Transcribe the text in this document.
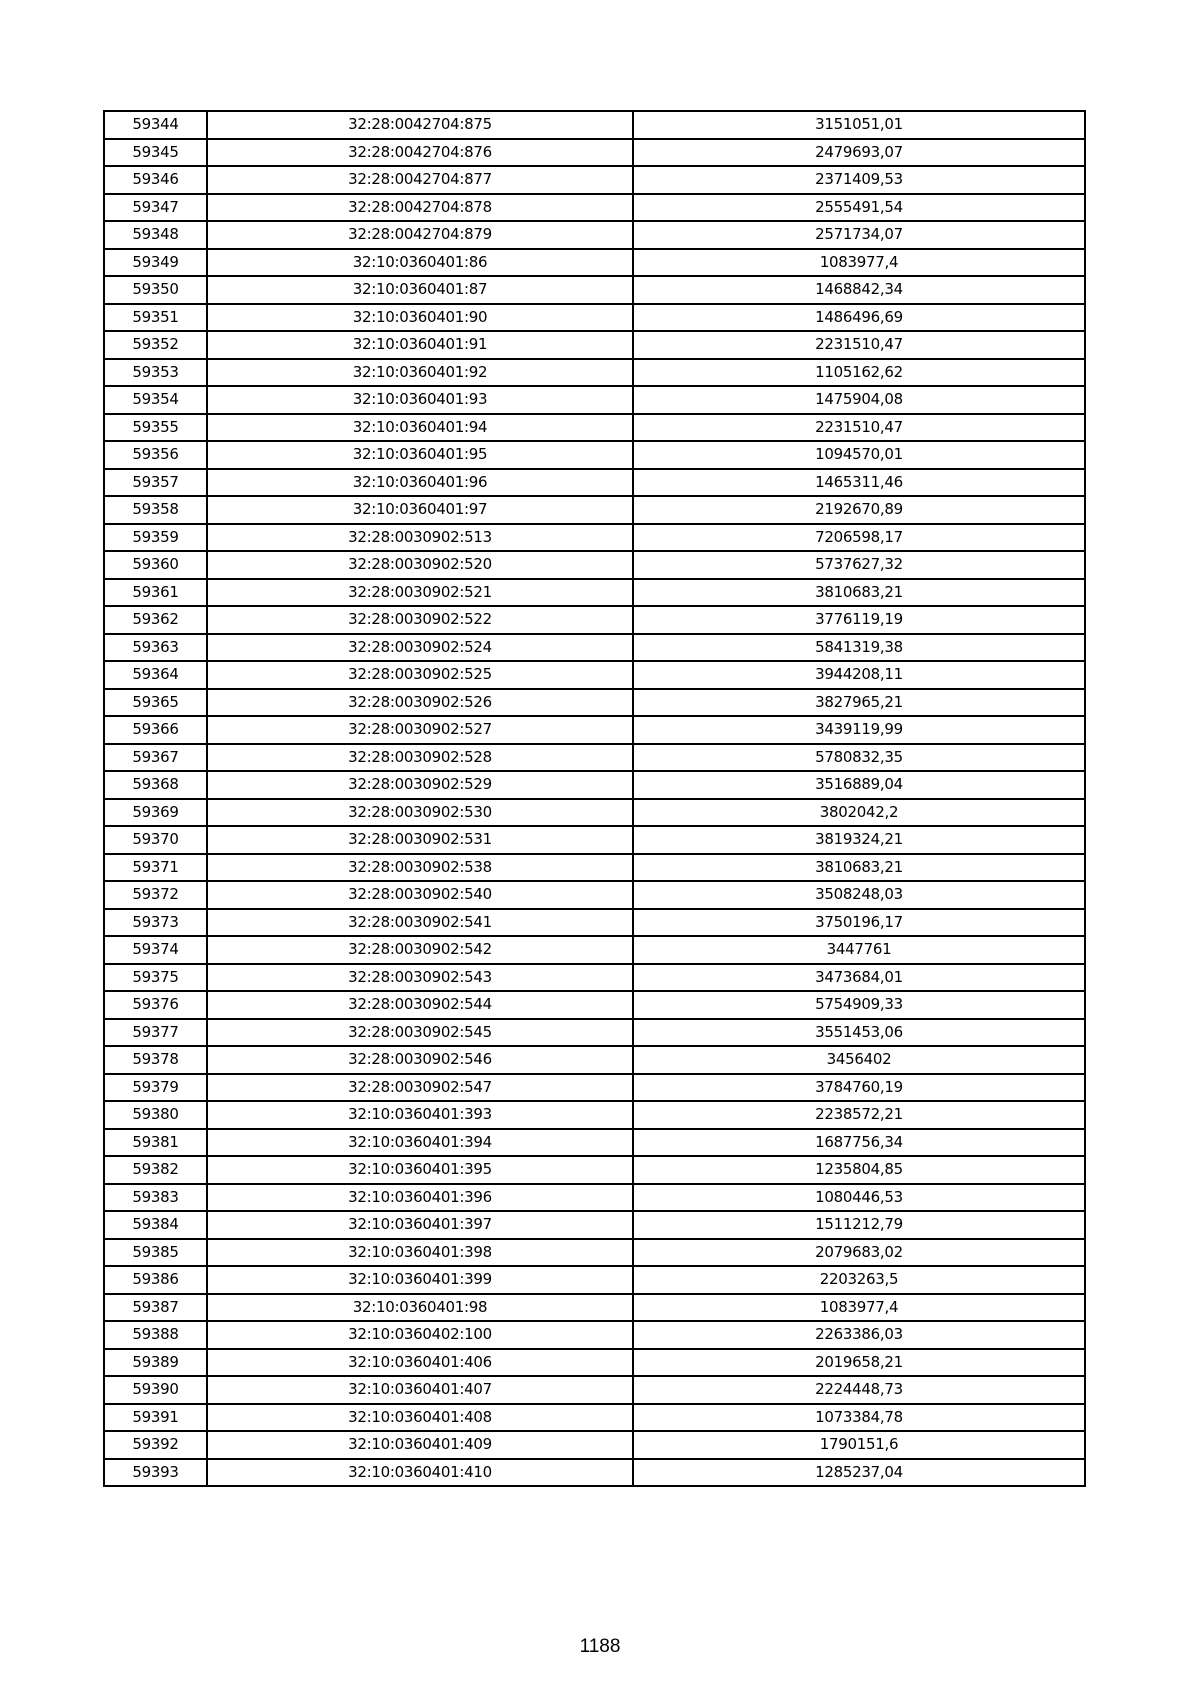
59344	32:28:0042704:875	3151051,01
59345	32:28:0042704:876	2479693,07
59346	32:28:0042704:877	2371409,53
59347	32:28:0042704:878	2555491,54
59348	32:28:0042704:879	2571734,07
59349	32:10:0360401:86	1083977,4
59350	32:10:0360401:87	1468842,34
59351	32:10:0360401:90	1486496,69
59352	32:10:0360401:91	2231510,47
59353	32:10:0360401:92	1105162,62
59354	32:10:0360401:93	1475904,08
59355	32:10:0360401:94	2231510,47
59356	32:10:0360401:95	1094570,01
59357	32:10:0360401:96	1465311,46
59358	32:10:0360401:97	2192670,89
59359	32:28:0030902:513	7206598,17
59360	32:28:0030902:520	5737627,32
59361	32:28:0030902:521	3810683,21
59362	32:28:0030902:522	3776119,19
59363	32:28:0030902:524	5841319,38
59364	32:28:0030902:525	3944208,11
59365	32:28:0030902:526	3827965,21
59366	32:28:0030902:527	3439119,99
59367	32:28:0030902:528	5780832,35
59368	32:28:0030902:529	3516889,04
59369	32:28:0030902:530	3802042,2
59370	32:28:0030902:531	3819324,21
59371	32:28:0030902:538	3810683,21
59372	32:28:0030902:540	3508248,03
59373	32:28:0030902:541	3750196,17
59374	32:28:0030902:542	3447761
59375	32:28:0030902:543	3473684,01
59376	32:28:0030902:544	5754909,33
59377	32:28:0030902:545	3551453,06
59378	32:28:0030902:546	3456402
59379	32:28:0030902:547	3784760,19
59380	32:10:0360401:393	2238572,21
59381	32:10:0360401:394	1687756,34
59382	32:10:0360401:395	1235804,85
59383	32:10:0360401:396	1080446,53
59384	32:10:0360401:397	1511212,79
59385	32:10:0360401:398	2079683,02
59386	32:10:0360401:399	2203263,5
59387	32:10:0360401:98	1083977,4
59388	32:10:0360402:100	2263386,03
59389	32:10:0360401:406	2019658,21
59390	32:10:0360401:407	2224448,73
59391	32:10:0360401:408	1073384,78
59392	32:10:0360401:409	1790151,6
59393	32:10:0360401:410	1285237,04
1188
